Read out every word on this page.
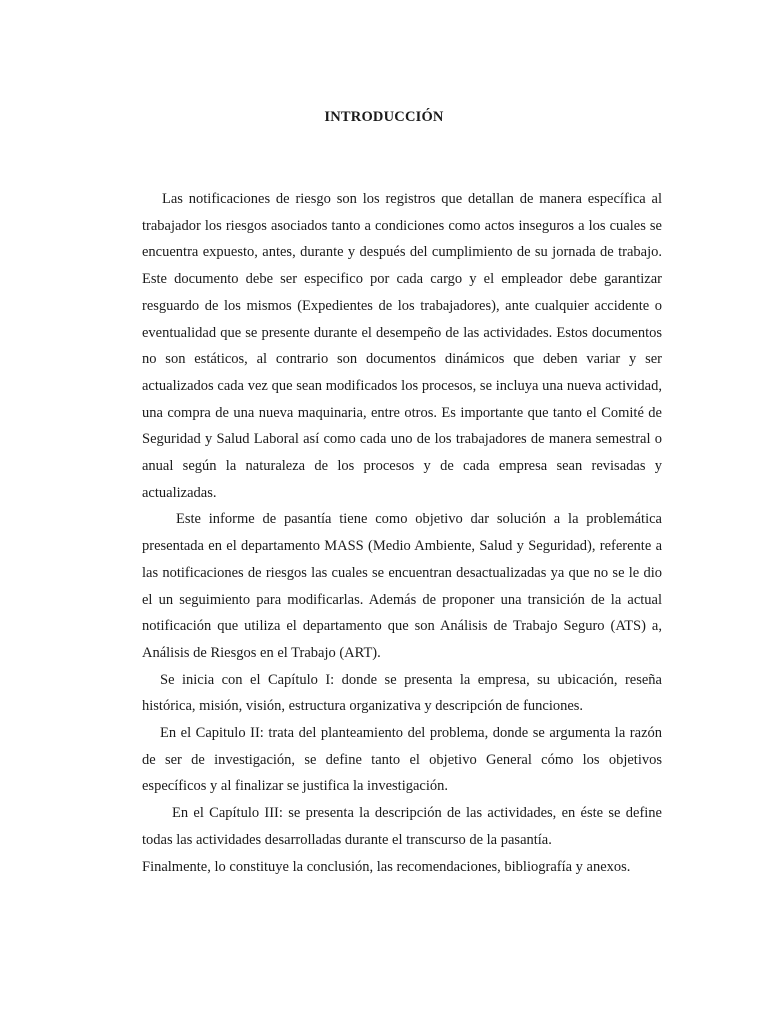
INTRODUCCIÓN

Las notificaciones de riesgo son los registros que detallan de manera específica al trabajador los riesgos asociados tanto a condiciones como actos inseguros a los cuales se encuentra expuesto, antes, durante y después del cumplimiento de su jornada de trabajo. Este documento debe ser especifico por cada cargo y el empleador debe garantizar resguardo de los mismos (Expedientes de los trabajadores), ante cualquier accidente o eventualidad que se presente durante el desempeño de las actividades. Estos documentos no son estáticos, al contrario son documentos dinámicos que deben variar y ser actualizados cada vez que sean modificados los procesos, se incluya una nueva actividad, una compra de una nueva maquinaria, entre otros. Es importante que tanto el Comité de Seguridad y Salud Laboral así como cada uno de los trabajadores de manera semestral o anual según la naturaleza de los procesos y de cada empresa sean revisadas y actualizadas.

Este informe de pasantía tiene como objetivo dar solución a la problemática presentada en el departamento MASS (Medio Ambiente, Salud y Seguridad), referente a las notificaciones de riesgos las cuales se encuentran desactualizadas ya que no se le dio el un seguimiento para modificarlas. Además de proponer una transición de la actual notificación que utiliza el departamento que son Análisis de Trabajo Seguro (ATS) a, Análisis de Riesgos en el Trabajo (ART).

Se inicia con el Capítulo I: donde se presenta la empresa, su ubicación, reseña histórica, misión, visión, estructura organizativa y descripción de funciones.

En el Capitulo II: trata del planteamiento del problema, donde se argumenta la razón de ser de investigación, se define tanto el objetivo General cómo los objetivos específicos y al finalizar se justifica la investigación.

En el Capítulo III: se presenta la descripción de las actividades, en éste se define todas las actividades desarrolladas durante el transcurso de la pasantía.

Finalmente, lo constituye la conclusión, las recomendaciones, bibliografía y anexos.
